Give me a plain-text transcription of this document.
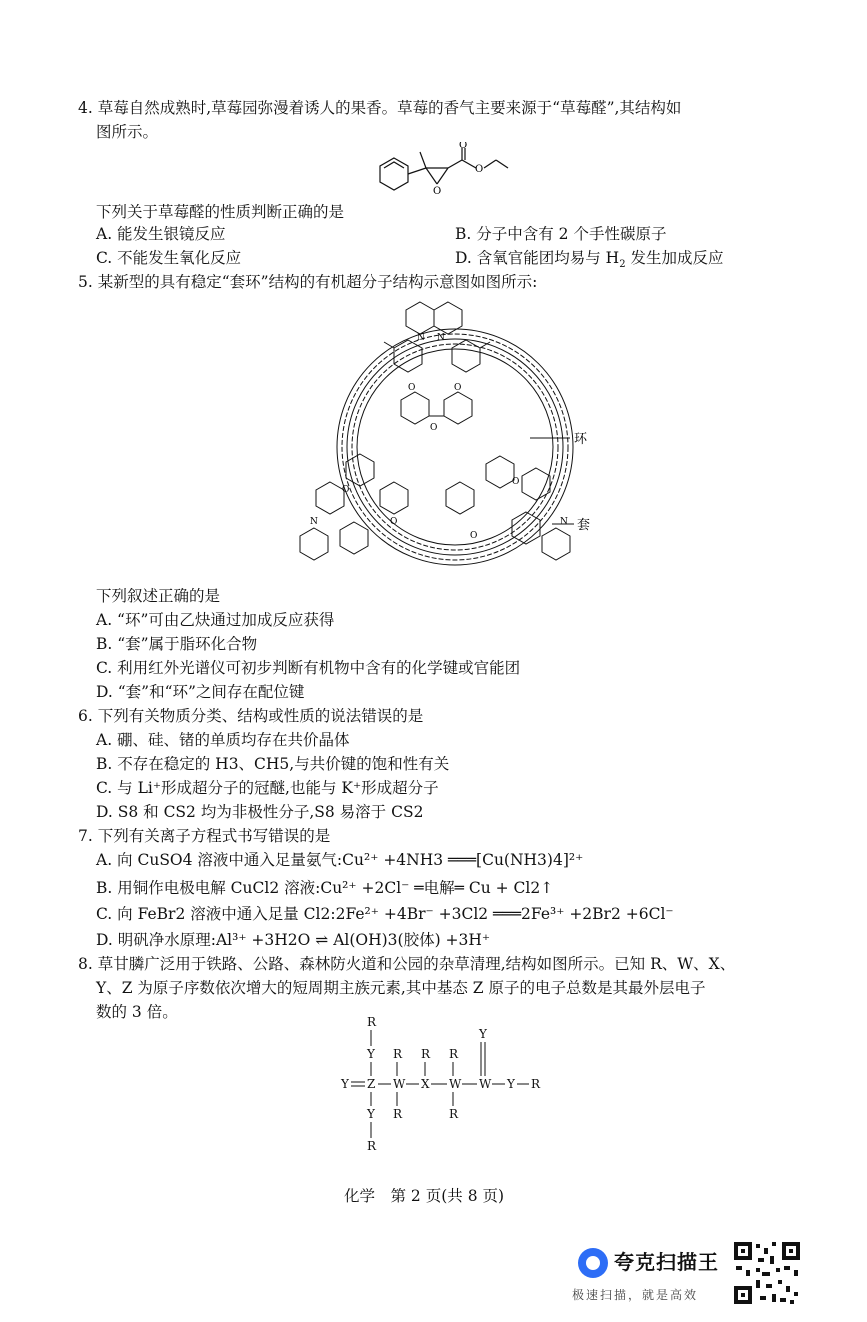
4. 草莓自然成熟时,草莓园弥漫着诱人的果香。草莓的香气主要来源于“草莓醛”,其结构如
图所示。
O
O
O
下列关于草莓醛的性质判断正确的是
A. 能发生银镜反应	B. 分子中含有 2 个手性碳原子
C. 不能发生氧化反应	D. 含氧官能团均易与 $H_2$ 发生加成反应
5. 某新型的具有稳定“套环”结构的有机超分子结构示意图如图所示:
N N
O	O
O
O
O
O
O
N	N
环
套
下列叙述正确的是
A. “环”可由乙炔通过加成反应获得
B. “套”属于脂环化合物
C. 利用红外光谱仪可初步判断有机物中含有的化学键或官能团
D. “套”和“环”之间存在配位键
6. 下列有关物质分类、结构或性质的说法错误的是
A. 硼、硅、锗的单质均存在共价晶体
B. 不存在稳定的 H3、CH5,与共价键的饱和性有关
C. 与 Li⁺形成超分子的冠醚,也能与 K⁺形成超分子
D. S8 和 CS2 均为非极性分子,S8 易溶于 CS2
7. 下列有关离子方程式书写错误的是
A. 向 CuSO4 溶液中通入足量氨气:Cu²⁺ +4NH3 ═══[Cu(NH3)4]²⁺
B. 用铜作电极电解 CuCl2 溶液:Cu²⁺ +2Cl⁻ ═电解═ Cu + Cl2↑
C. 向 FeBr2 溶液中通入足量 Cl2:2Fe²⁺ +4Br⁻ +3Cl2 ═══2Fe³⁺ +2Br2 +6Cl⁻
D. 明矾净水原理:Al³⁺ +3H2O ⇌ Al(OH)3(胶体) +3H⁺
8. 草甘膦广泛用于铁路、公路、森林防火道和公园的杂草清理,结构如图所示。已知 R、W、X、
Y、Z 为原子序数依次增大的短周期主族元素,其中基态 Z 原子的电子总数是其最外层电子
数的 3 倍。
R
Y
Y Z
R
W
R
R
X
R
W
R
Y
W Y R
Y
R
化学　第 2 页(共 8 页)
夸克扫描王
极速扫描，就是高效
